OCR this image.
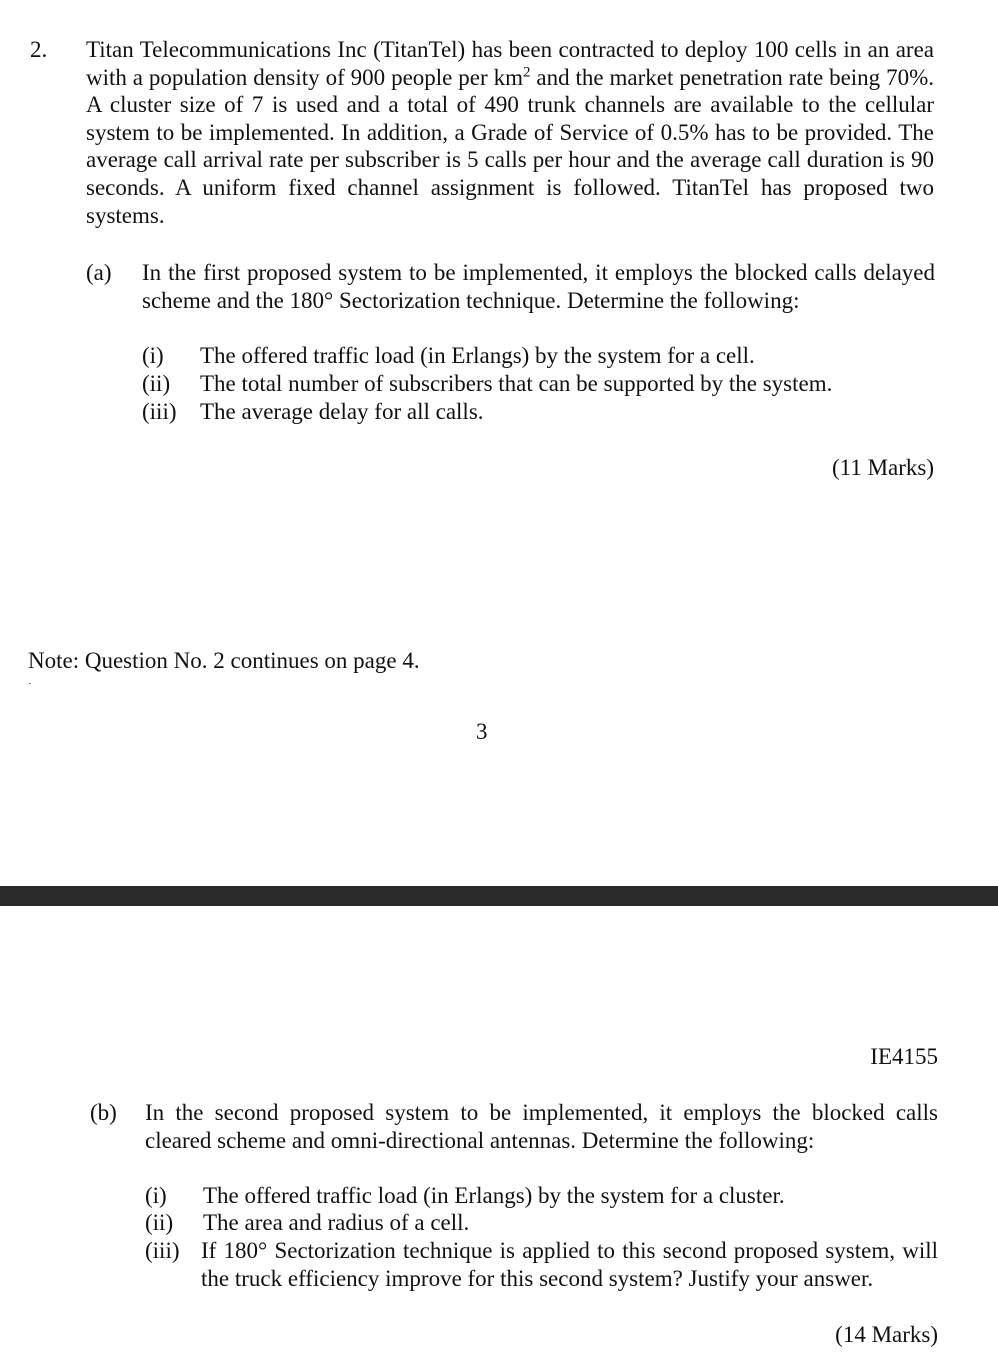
2. Titan Telecommunications Inc (TitanTel) has been contracted to deploy 100 cells in an area with a population density of 900 people per $km^2$ and the market penetration rate being 70%. A cluster size of 7 is used and a total of 490 trunk channels are available to the cellular system to be implemented. In addition, a Grade of Service of 0.5% has to be provided. The average call arrival rate per subscriber is 5 calls per hour and the average call duration is 90 seconds. A uniform fixed channel assignment is followed. TitanTel has proposed two systems.
(a) In the first proposed system to be implemented, it employs the blocked calls delayed scheme and the 180° Sectorization technique. Determine the following:
(i) The offered traffic load (in Erlangs) by the system for a cell.
(ii) The total number of subscribers that can be supported by the system.
(iii) The average delay for all calls.
(11 Marks)
Note: Question No. 2 continues on page 4.
3
IE4155
(b) In the second proposed system to be implemented, it employs the blocked calls cleared scheme and omni-directional antennas. Determine the following:
(i) The offered traffic load (in Erlangs) by the system for a cluster.
(ii) The area and radius of a cell.
(iii) If 180° Sectorization technique is applied to this second proposed system, will the truck efficiency improve for this second system? Justify your answer.
(14 Marks)
